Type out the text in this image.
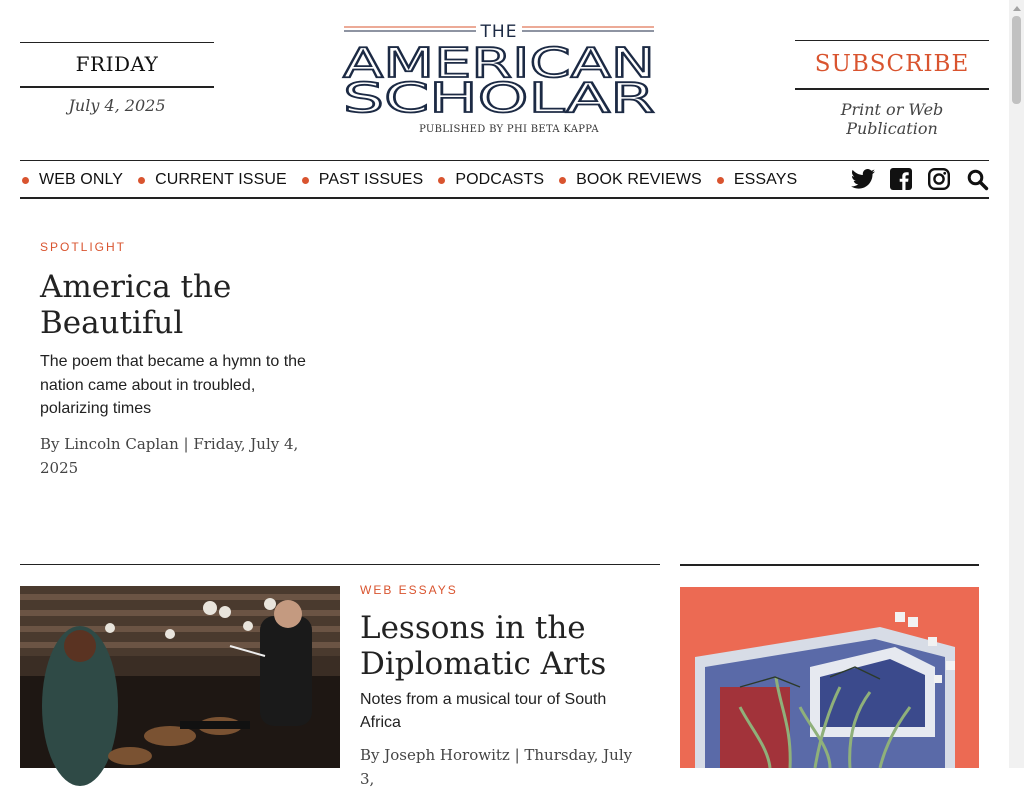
FRIDAY
July 4, 2025
THE
AMERICAN
SCHOLAR
PUBLISHED BY PHI BETA KAPPA
SUBSCRIBE
Print or Web Publication
WEB ONLY CURRENT ISSUE PAST ISSUES PODCASTS BOOK REVIEWS ESSAYS
SPOTLIGHT
America the Beautiful
The poem that became a hymn to the nation came about in troubled, polarizing times
By Lincoln Caplan | Friday, July 4, 2025
WEB ESSAYS
Lessons in the Diplomatic Arts
Notes from a musical tour of South Africa
By Joseph Horowitz | Thursday, July 3,
